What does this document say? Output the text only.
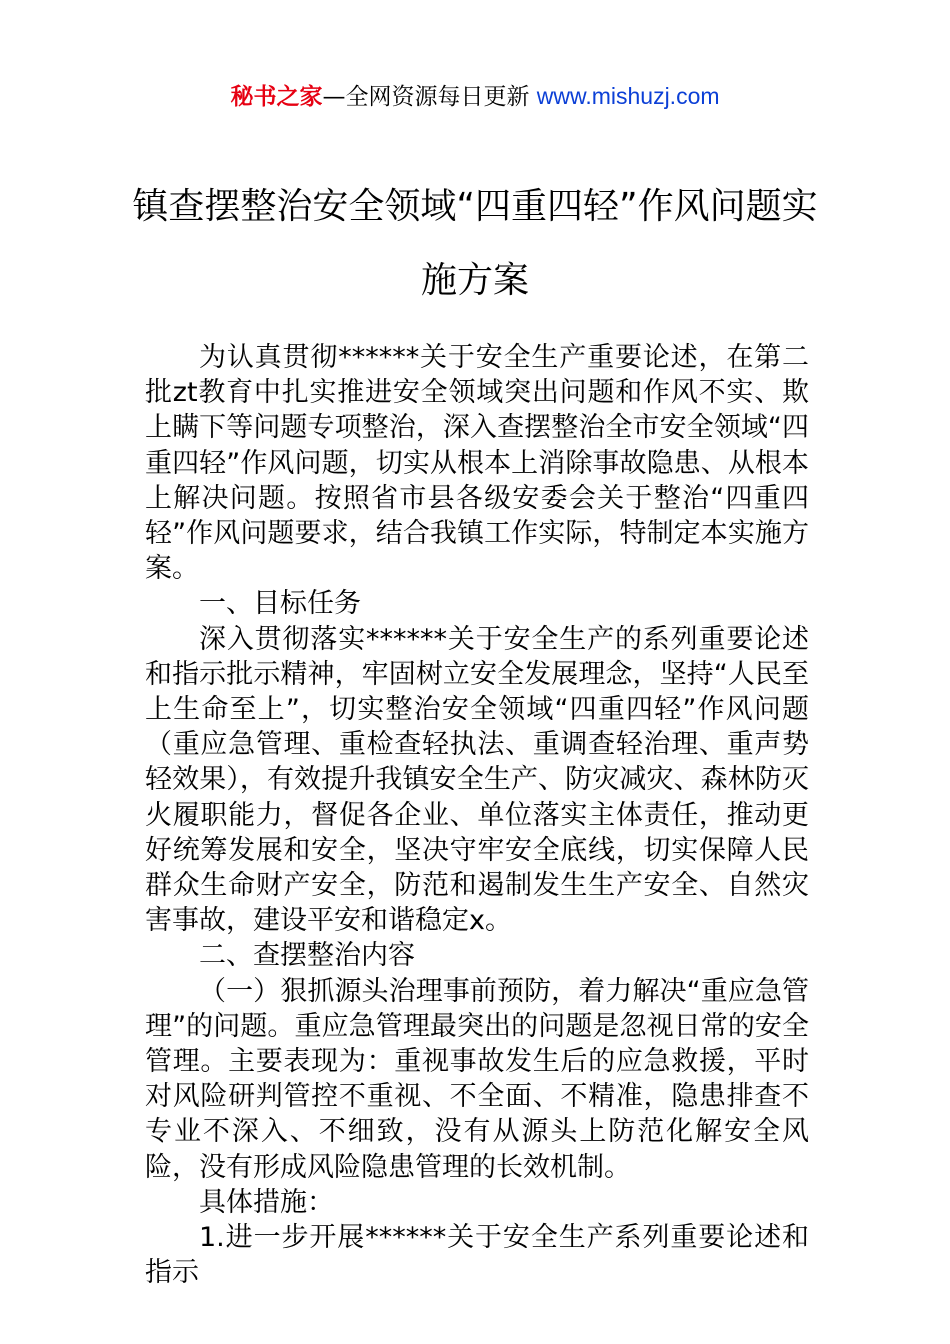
秘书之家—全网资源每日更新 www.mishuzj.com
镇查摆整治安全领域“四重四轻”作风问题实施方案

为认真贯彻******关于安全生产重要论述，在第二批zt教育中扎实推进安全领域突出问题和作风不实、欺上瞒下等问题专项整治，深入查摆整治全市安全领域“四重四轻”作风问题，切实从根本上消除事故隐患、从根本上解决问题。按照省市县各级安委会关于整治“四重四轻”作风问题要求，结合我镇工作实际，特制定本实施方案。

一、目标任务

深入贯彻落实******关于安全生产的系列重要论述和指示批示精神，牢固树立安全发展理念，坚持“人民至上生命至上”，切实整治安全领域“四重四轻”作风问题（重应急管理、重检查轻执法、重调查轻治理、重声势轻效果），有效提升我镇安全生产、防灾减灾、森林防灭火履职能力，督促各企业、单位落实主体责任，推动更好统筹发展和安全，坚决守牢安全底线，切实保障人民群众生命财产安全，防范和遏制发生生产安全、自然灾害事故，建设平安和谐稳定x。

二、查摆整治内容

（一）狠抓源头治理事前预防，着力解决“重应急管理”的问题。重应急管理最突出的问题是忽视日常的安全管理。主要表现为：重视事故发生后的应急救援，平时对风险研判管控不重视、不全面、不精准，隐患排查不专业不深入、不细致，没有从源头上防范化解安全风险，没有形成风险隐患管理的长效机制。

具体措施：

1.进一步开展******关于安全生产系列重要论述和指示
